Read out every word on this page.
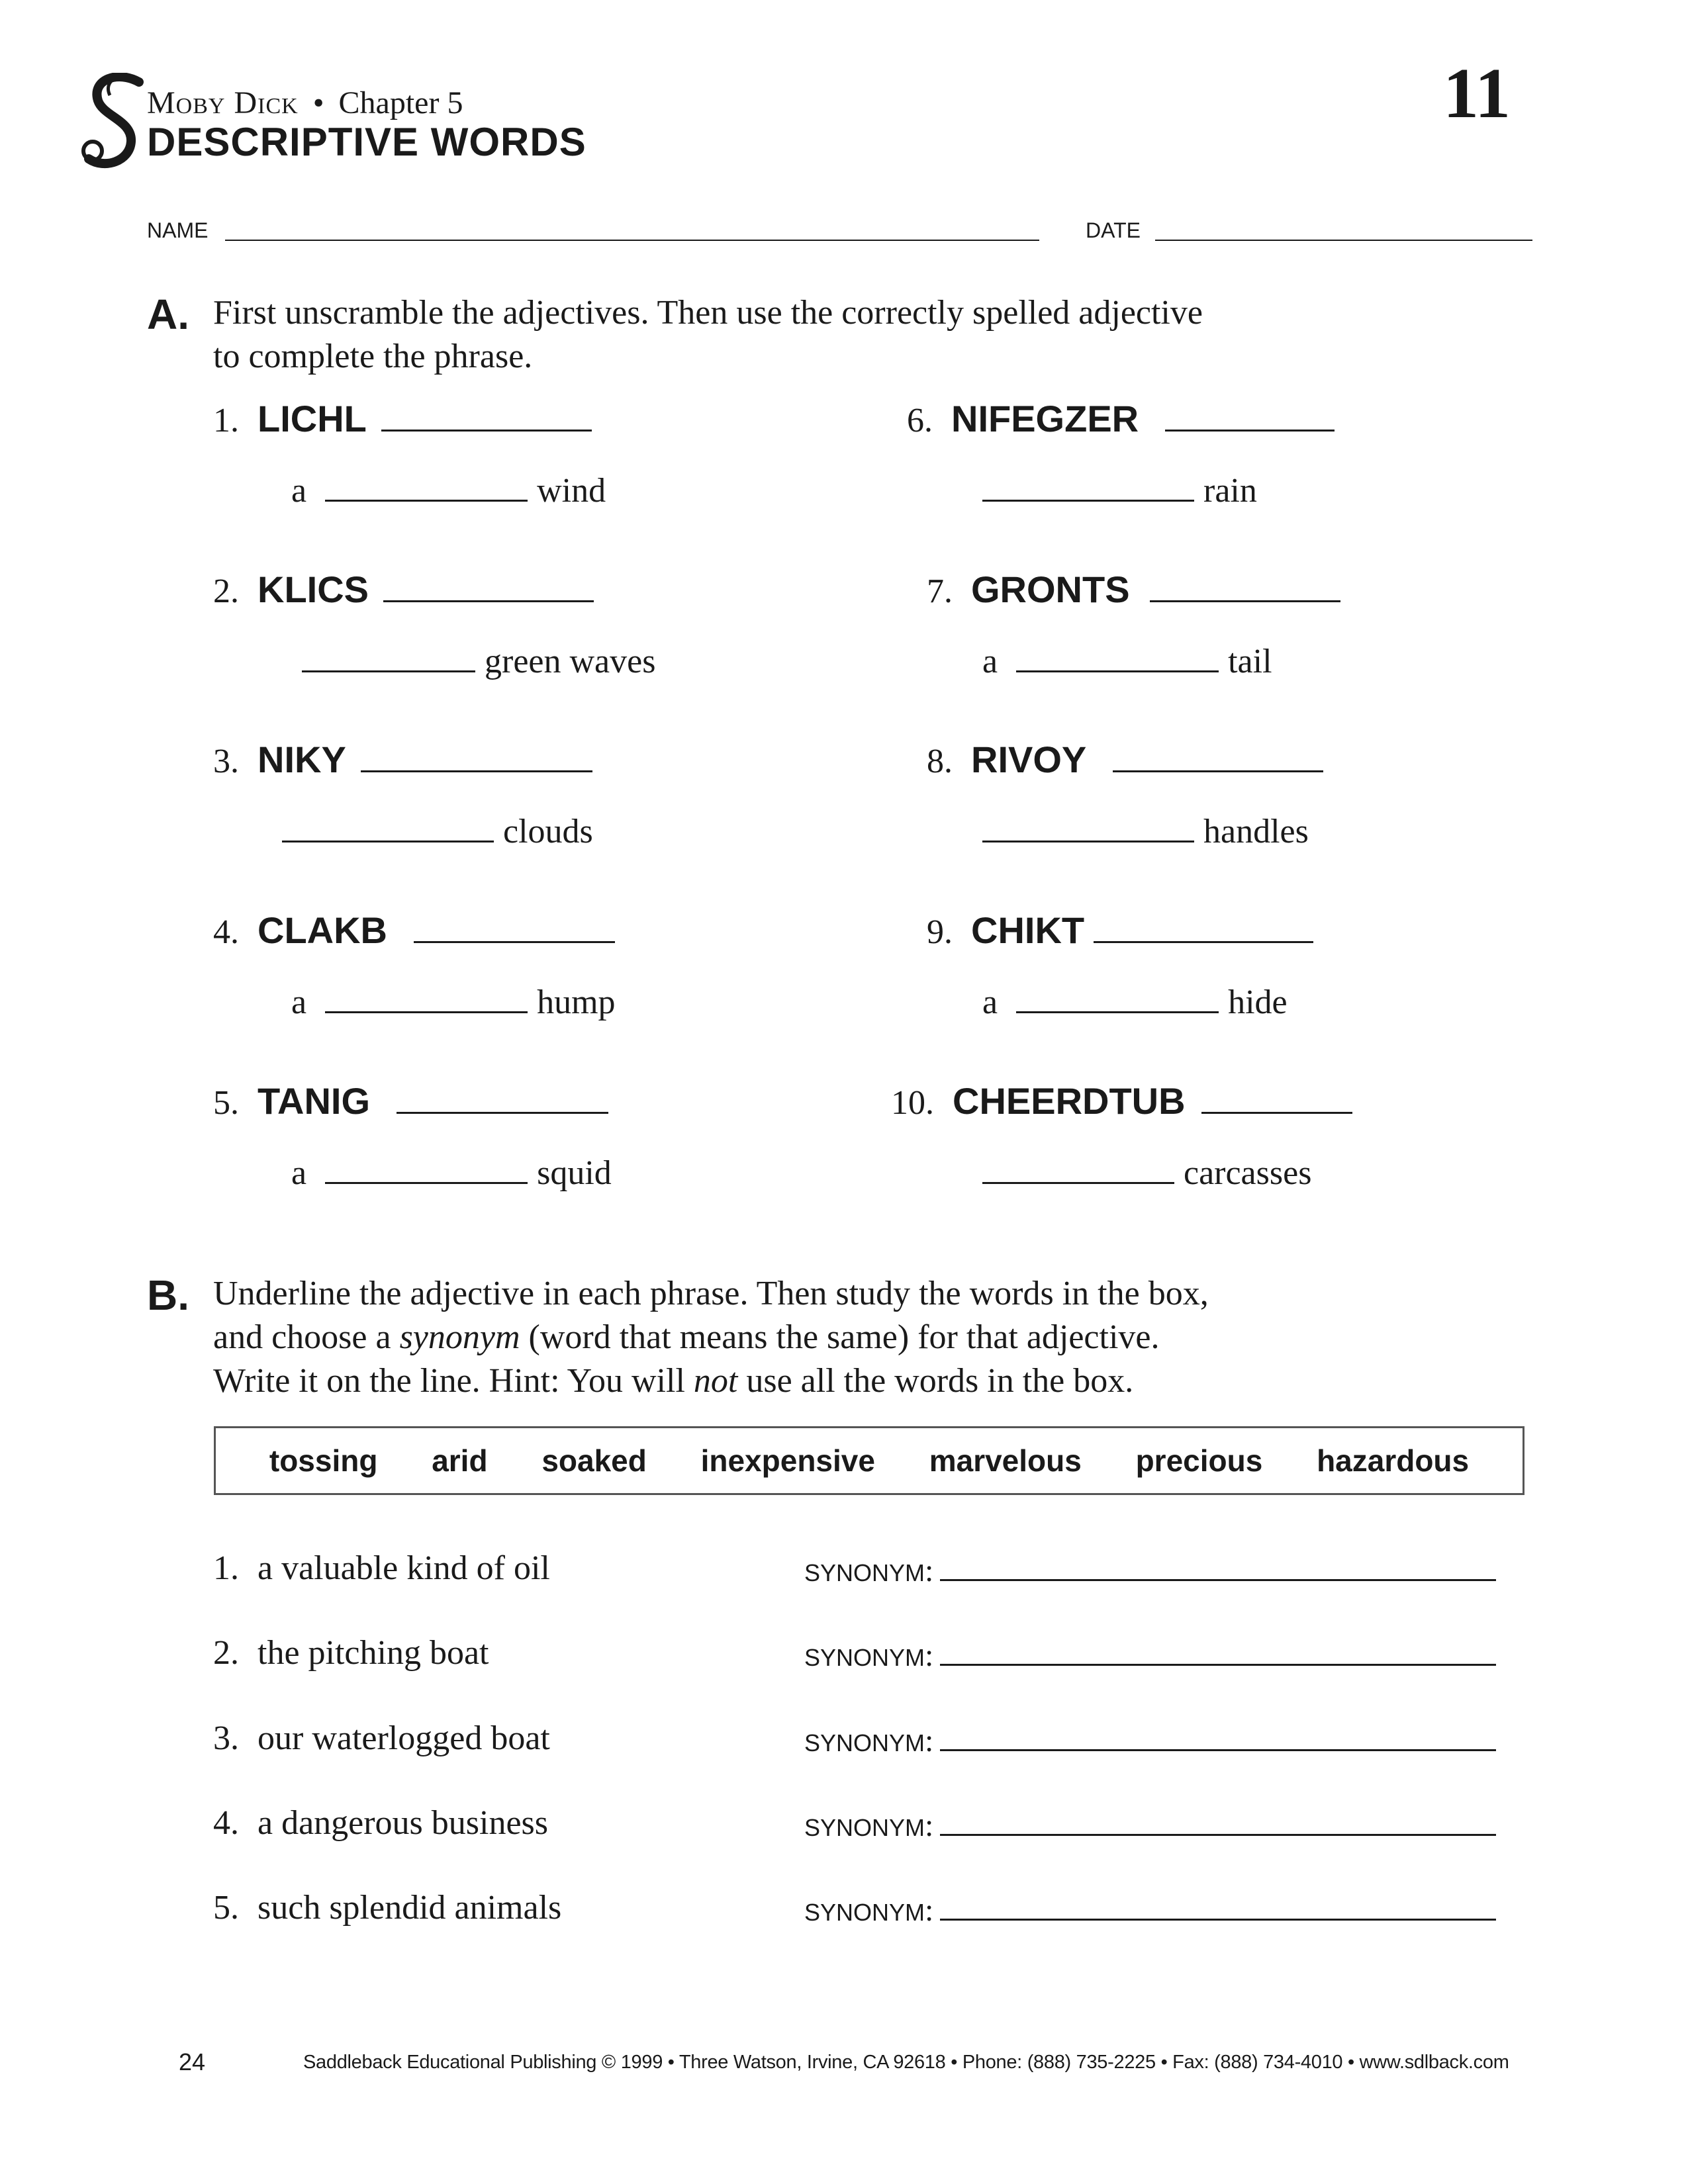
Moby Dick • Chapter 5
DESCRIPTIVE WORDS
11
NAME	DATE
A. First unscramble the adjectives. Then use the correctly spelled adjective
to complete the phrase.
1. LICHL
a	wind
2. KLICS
green waves
3. NIKY
clouds
4. CLAKB
a	hump
5. TANIG
a	squid
6. NIFEGZER
rain
7. GRONTS
a	tail
8. RIVOY
handles
9. CHIKT
a	hide
10. CHEERDTUB
carcasses
B. Underline the adjective in each phrase. Then study the words in the box,
and choose a synonym (word that means the same) for that adjective.
Write it on the line. Hint: You will not use all the words in the box.
tossing arid soaked inexpensive marvelous precious hazardous
1. a valuable kind of oil	SYNONYM:
2. the pitching boat	SYNONYM:
3. our waterlogged boat	SYNONYM:
4. a dangerous business	SYNONYM:
5. such splendid animals	SYNONYM:
24	Saddleback Educational Publishing © 1999 • Three Watson, Irvine, CA 92618 • Phone: (888) 735-2225 • Fax: (888) 734-4010 • www.sdlback.com
